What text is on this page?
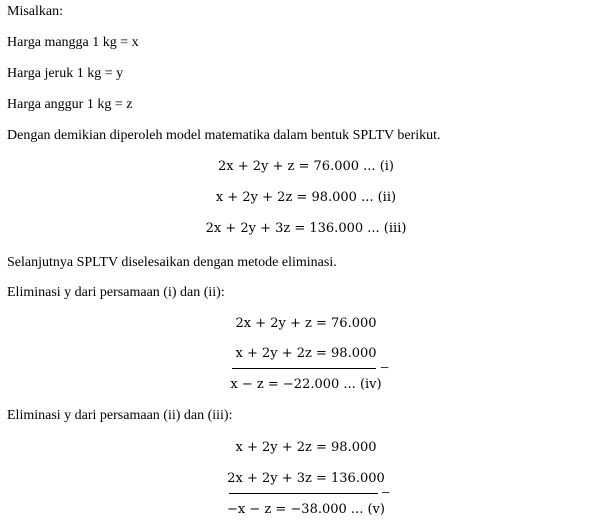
Misalkan:
Harga mangga 1 kg = x
Harga jeruk 1 kg = y
Harga anggur 1 kg = z
Dengan demikian diperoleh model matematika dalam bentuk SPLTV berikut.
2x + 2y + z = 76.000 ... (i)
x + 2y + 2z = 98.000 ... (ii)
2x + 2y + 3z = 136.000 ... (iii)
Selanjutnya SPLTV diselesaikan dengan metode eliminasi.
Eliminasi y dari persamaan (i) dan (ii):
2x + 2y + z = 76.000
x + 2y + 2z = 98.000
−
x − z = −22.000 ... (iv)
Eliminasi y dari persamaan (ii) dan (iii):
x + 2y + 2z = 98.000
2x + 2y + 3z = 136.000
−
−x − z = −38.000 ... (v)
